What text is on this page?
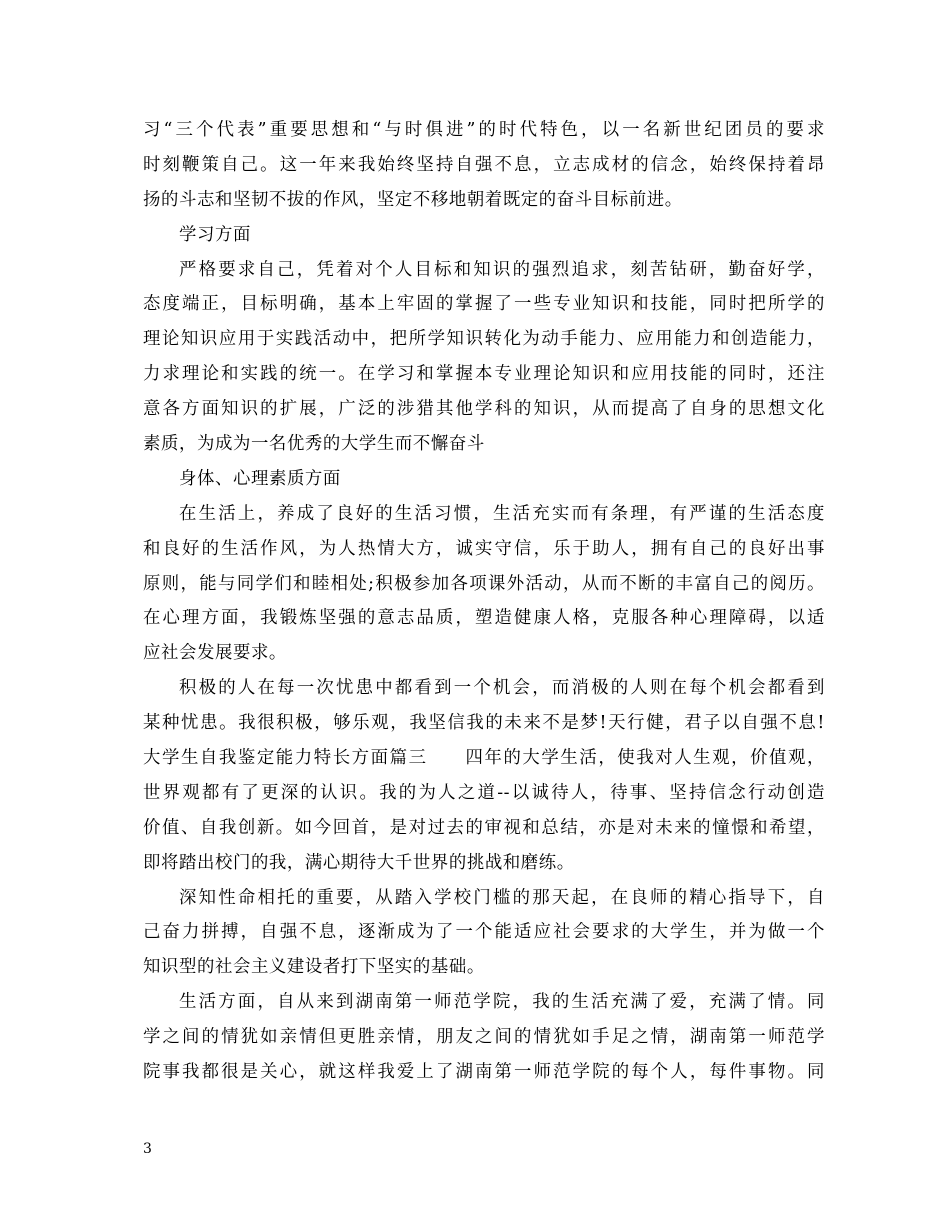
习“三个代表”重要思想和“与时俱进”的时代特色，以一名新世纪团员的要求
时刻鞭策自己。这一年来我始终坚持自强不息，立志成材的信念，始终保持着昂
扬的斗志和坚韧不拔的作风，坚定不移地朝着既定的奋斗目标前进。
学习方面
严格要求自己，凭着对个人目标和知识的强烈追求，刻苦钻研，勤奋好学，
态度端正，目标明确，基本上牢固的掌握了一些专业知识和技能，同时把所学的
理论知识应用于实践活动中，把所学知识转化为动手能力、应用能力和创造能力，
力求理论和实践的统一。在学习和掌握本专业理论知识和应用技能的同时，还注
意各方面知识的扩展，广泛的涉猎其他学科的知识，从而提高了自身的思想文化
素质，为成为一名优秀的大学生而不懈奋斗
身体、心理素质方面
在生活上，养成了良好的生活习惯，生活充实而有条理，有严谨的生活态度
和良好的生活作风，为人热情大方，诚实守信，乐于助人，拥有自己的良好出事
原则，能与同学们和睦相处;积极参加各项课外活动，从而不断的丰富自己的阅历。
在心理方面，我锻炼坚强的意志品质，塑造健康人格，克服各种心理障碍，以适
应社会发展要求。
积极的人在每一次忧患中都看到一个机会，而消极的人则在每个机会都看到
某种忧患。我很积极，够乐观，我坚信我的未来不是梦!天行健，君子以自强不息!
大学生自我鉴定能力特长方面篇三　　四年的大学生活，使我对人生观，价值观，
世界观都有了更深的认识。我的为人之道--以诚待人，待事、坚持信念行动创造
价值、自我创新。如今回首，是对过去的审视和总结，亦是对未来的憧憬和希望，
即将踏出校门的我，满心期待大千世界的挑战和磨练。
深知性命相托的重要，从踏入学校门槛的那天起，在良师的精心指导下，自
己奋力拼搏，自强不息，逐渐成为了一个能适应社会要求的大学生，并为做一个
知识型的社会主义建设者打下坚实的基础。
生活方面，自从来到湖南第一师范学院，我的生活充满了爱，充满了情。同
学之间的情犹如亲情但更胜亲情，朋友之间的情犹如手足之情，湖南第一师范学
院事我都很是关心，就这样我爱上了湖南第一师范学院的每个人，每件事物。同
3
